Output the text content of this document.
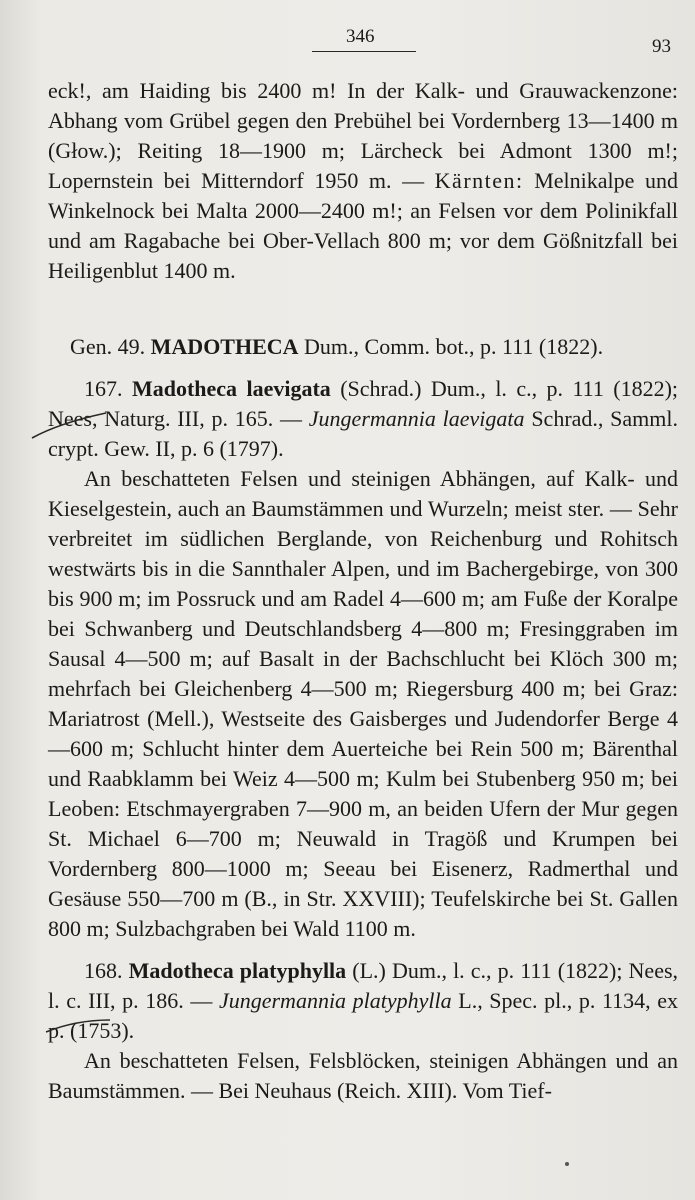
346	93

eck!, am Haiding bis 2400 m! In der Kalk- und Grauwackenzone: Abhang vom Grübel gegen den Prebühel bei Vordernberg 13—1400 m (Głow.); Reiting 18—1900 m; Lärcheck bei Admont 1300 m!; Lopernstein bei Mitterndorf 1950 m. — Kärnten: Melnikalpe und Winkelnock bei Malta 2000—2400 m!; an Felsen vor dem Polinikfall und am Ragabache bei Ober-Vellach 800 m; vor dem Gößnitzfall bei Heiligenblut 1400 m.

Gen. 49. MADOTHECA Dum., Comm. bot., p. 111 (1822).

167. Madotheca laevigata (Schrad.) Dum., l. c., p. 111 (1822); Nees, Naturg. III, p. 165. — Jungermannia laevigata Schrad., Samml. crypt. Gew. II, p. 6 (1797).

An beschatteten Felsen und steinigen Abhängen, auf Kalk- und Kieselgestein, auch an Baumstämmen und Wurzeln; meist ster. — Sehr verbreitet im südlichen Berglande, von Reichenburg und Rohitsch westwärts bis in die Sannthaler Alpen, und im Bachergebirge, von 300 bis 900 m; im Possruck und am Radel 4—600 m; am Fuße der Koralpe bei Schwanberg und Deutschlandsberg 4—800 m; Fresinggraben im Sausal 4—500 m; auf Basalt in der Bachschlucht bei Klöch 300 m; mehrfach bei Gleichenberg 4—500 m; Riegersburg 400 m; bei Graz: Mariatrost (Mell.), Westseite des Gaisberges und Judendorfer Berge 4—600 m; Schlucht hinter dem Auerteiche bei Rein 500 m; Bärenthal und Raabklamm bei Weiz 4—500 m; Kulm bei Stubenberg 950 m; bei Leoben: Etschmayergraben 7—900 m, an beiden Ufern der Mur gegen St. Michael 6—700 m; Neuwald in Tragöß und Krumpen bei Vordernberg 800—1000 m; Seeau bei Eisenerz, Radmerthal und Gesäuse 550—700 m (B., in Str. XXVIII); Teufelskirche bei St. Gallen 800 m; Sulzbachgraben bei Wald 1100 m.

168. Madotheca platyphylla (L.) Dum., l. c., p. 111 (1822); Nees, l. c. III, p. 186. — Jungermannia platyphylla L., Spec. pl., p. 1134, ex p. (1753).

An beschatteten Felsen, Felsblöcken, steinigen Abhängen und an Baumstämmen. — Bei Neuhaus (Reich. XIII). Vom Tief-
